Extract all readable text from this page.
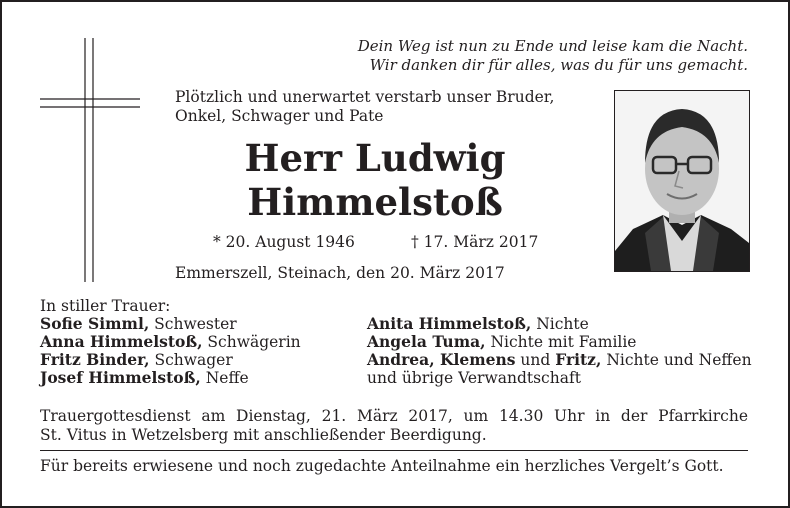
Dein Weg ist nun zu Ende und leise kam die Nacht.
Wir danken dir für alles, was du für uns gemacht.
Plötzlich und unerwartet verstarb unser Bruder,
Onkel, Schwager und Pate
Herr Ludwig
Himmelstoß
* 20. August 1946	† 17. März 2017
Emmerszell, Steinach, den 20. März 2017
In stiller Trauer:
Sofie Simml, Schwester
Anna Himmelstoß, Schwägerin
Fritz Binder, Schwager
Josef Himmelstoß, Neffe
Anita Himmelstoß, Nichte
Angela Tuma, Nichte mit Familie
Andrea, Klemens und Fritz, Nichte und Neffen
und übrige Verwandtschaft
Trauergottesdienst am Dienstag, 21. März 2017, um 14.30 Uhr in der Pfarrkirche
St. Vitus in Wetzelsberg mit anschließender Beerdigung.
Für bereits erwiesene und noch zugedachte Anteilnahme ein herzliches Vergelt’s Gott.
